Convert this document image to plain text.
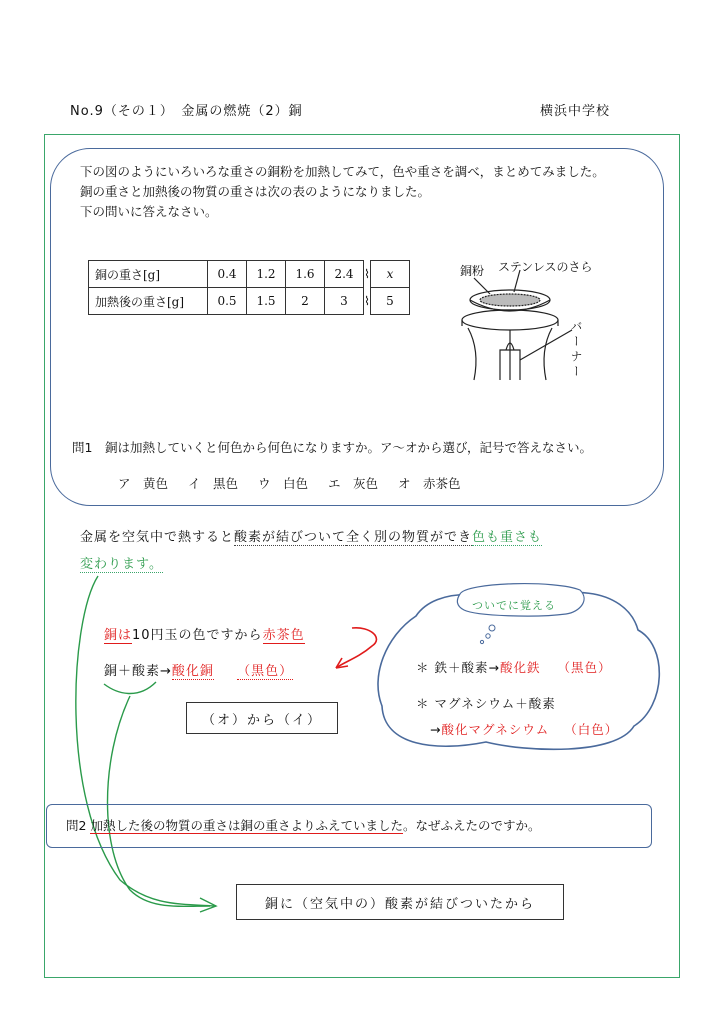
No.9（その１）　金属の燃焼（2）銅	横浜中学校
下の図のようにいろいろな重さの銅粉を加熱してみて，色や重さを調べ，まとめてみました。
銅の重さと加熱後の物質の重さは次の表のようになりました。
下の問いに答えなさい。
銅の重さ[g]	0.4	1.2	1.6	2.4	⌇	x
加熱後の重さ[g]	0.5	1.5	2	3	⌇	5
銅粉 ステンレスのさら
バーナー
問1　銅は加熱していくと何色から何色になりますか。ア～オから選び，記号で答えなさい。
ア　黄色 イ　黒色 ウ　白色 エ　灰色 オ　赤茶色
金属を空気中で熱すると酸素が結びついて全く別の物質ができ色も重さも
変わります。
銅は10円玉の色ですから赤茶色
銅＋酸素→酸化銅 （黒色）
（オ）から（イ）
ついでに覚える
＊ 鉄＋酸素→酸化鉄 （黒色）
＊ マグネシウム＋酸素
→酸化マグネシウム （白色）
問2 加熱した後の物質の重さは銅の重さよりふえていました。なぜふえたのですか。
銅に（空気中の）酸素が結びついたから
